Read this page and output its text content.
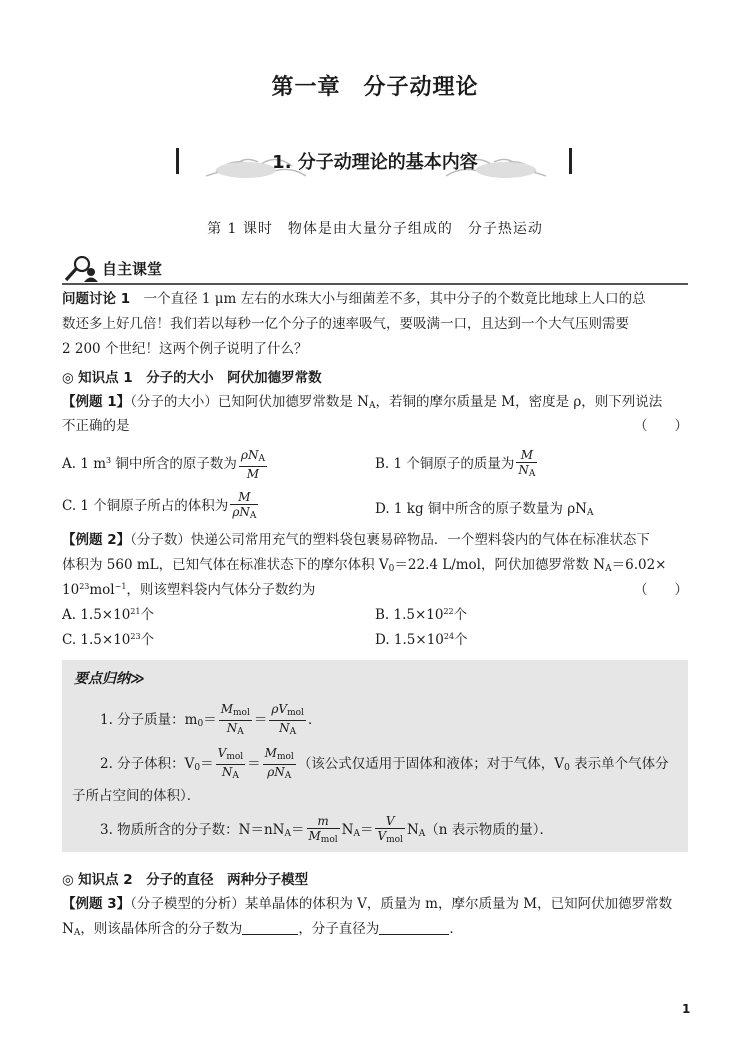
第一章　分子动理论
1. 分子动理论的基本内容
第 1 课时　物体是由大量分子组成的　分子热运动
自主课堂
问题讨论 1　 一个直径 1 μm 左右的水珠大小与细菌差不多，其中分子的个数竟比地球上人口的总
数还多上好几倍！我们若以每秒一亿个分子的速率吸气，要吸满一口，且达到一个大气压则需要
2 200 个世纪！这两个例子说明了什么？
◎ 知识点 1　分子的大小　阿伏加德罗常数
【例题 1】（分子的大小）已知阿伏加德罗常数是 $N_A$，若铜的摩尔质量是 M，密度是 ρ，则下列说法
不正确的是	（　　）
A. 1 $m^3$ 铜中所含的原子数为 $\frac{\rho N_A}{M}$	B. 1 个铜原子的质量为 $\frac{M}{N_A}$
C. 1 个铜原子所占的体积为 $\frac{M}{\rho N_A}$	D. 1 kg 铜中所含的原子数量为 $\rho N_A$
【例题 2】（分子数）快递公司常用充气的塑料袋包裹易碎物品．一个塑料袋内的气体在标准状态下
体积为 560 mL，已知气体在标准状态下的摩尔体积 $V_0=22.4$ L/mol，阿伏加德罗常数 $N_A=6.02\times$
$10^{23}mol^{-1}$，则该塑料袋内气体分子数约为	（　　）
A. $1.5\times 10^{21}$个	B. $1.5\times 10^{22}$个
C. $1.5\times 10^{23}$个	D. $1.5\times 10^{24}$个
要点归纳≫
1. 分子质量：$m_0= \frac{M_{mol}}{N_A} = \frac{\rho V_{mol}}{N_A}$ ．
2. 分子体积：$V_0= \frac{V_{mol}}{N_A} = \frac{M_{mol}}{\rho N_A}$ （该公式仅适用于固体和液体；对于气体，$V_0$ 表示单个气体分
子所占空间的体积）．
3. 物质所含的分子数：$N=nN_A= \frac{m}{M_{mol}} N_A= \frac{V}{V_{mol}} N_A(n$ 表示物质的量）．
◎ 知识点 2　分子的直径　两种分子模型
【例题 3】（分子模型的分析）某单晶体的体积为 V，质量为 m，摩尔质量为 M，已知阿伏加德罗常数
$N_A$，则该晶体所含的分子数为	，分子直径为	．
1
